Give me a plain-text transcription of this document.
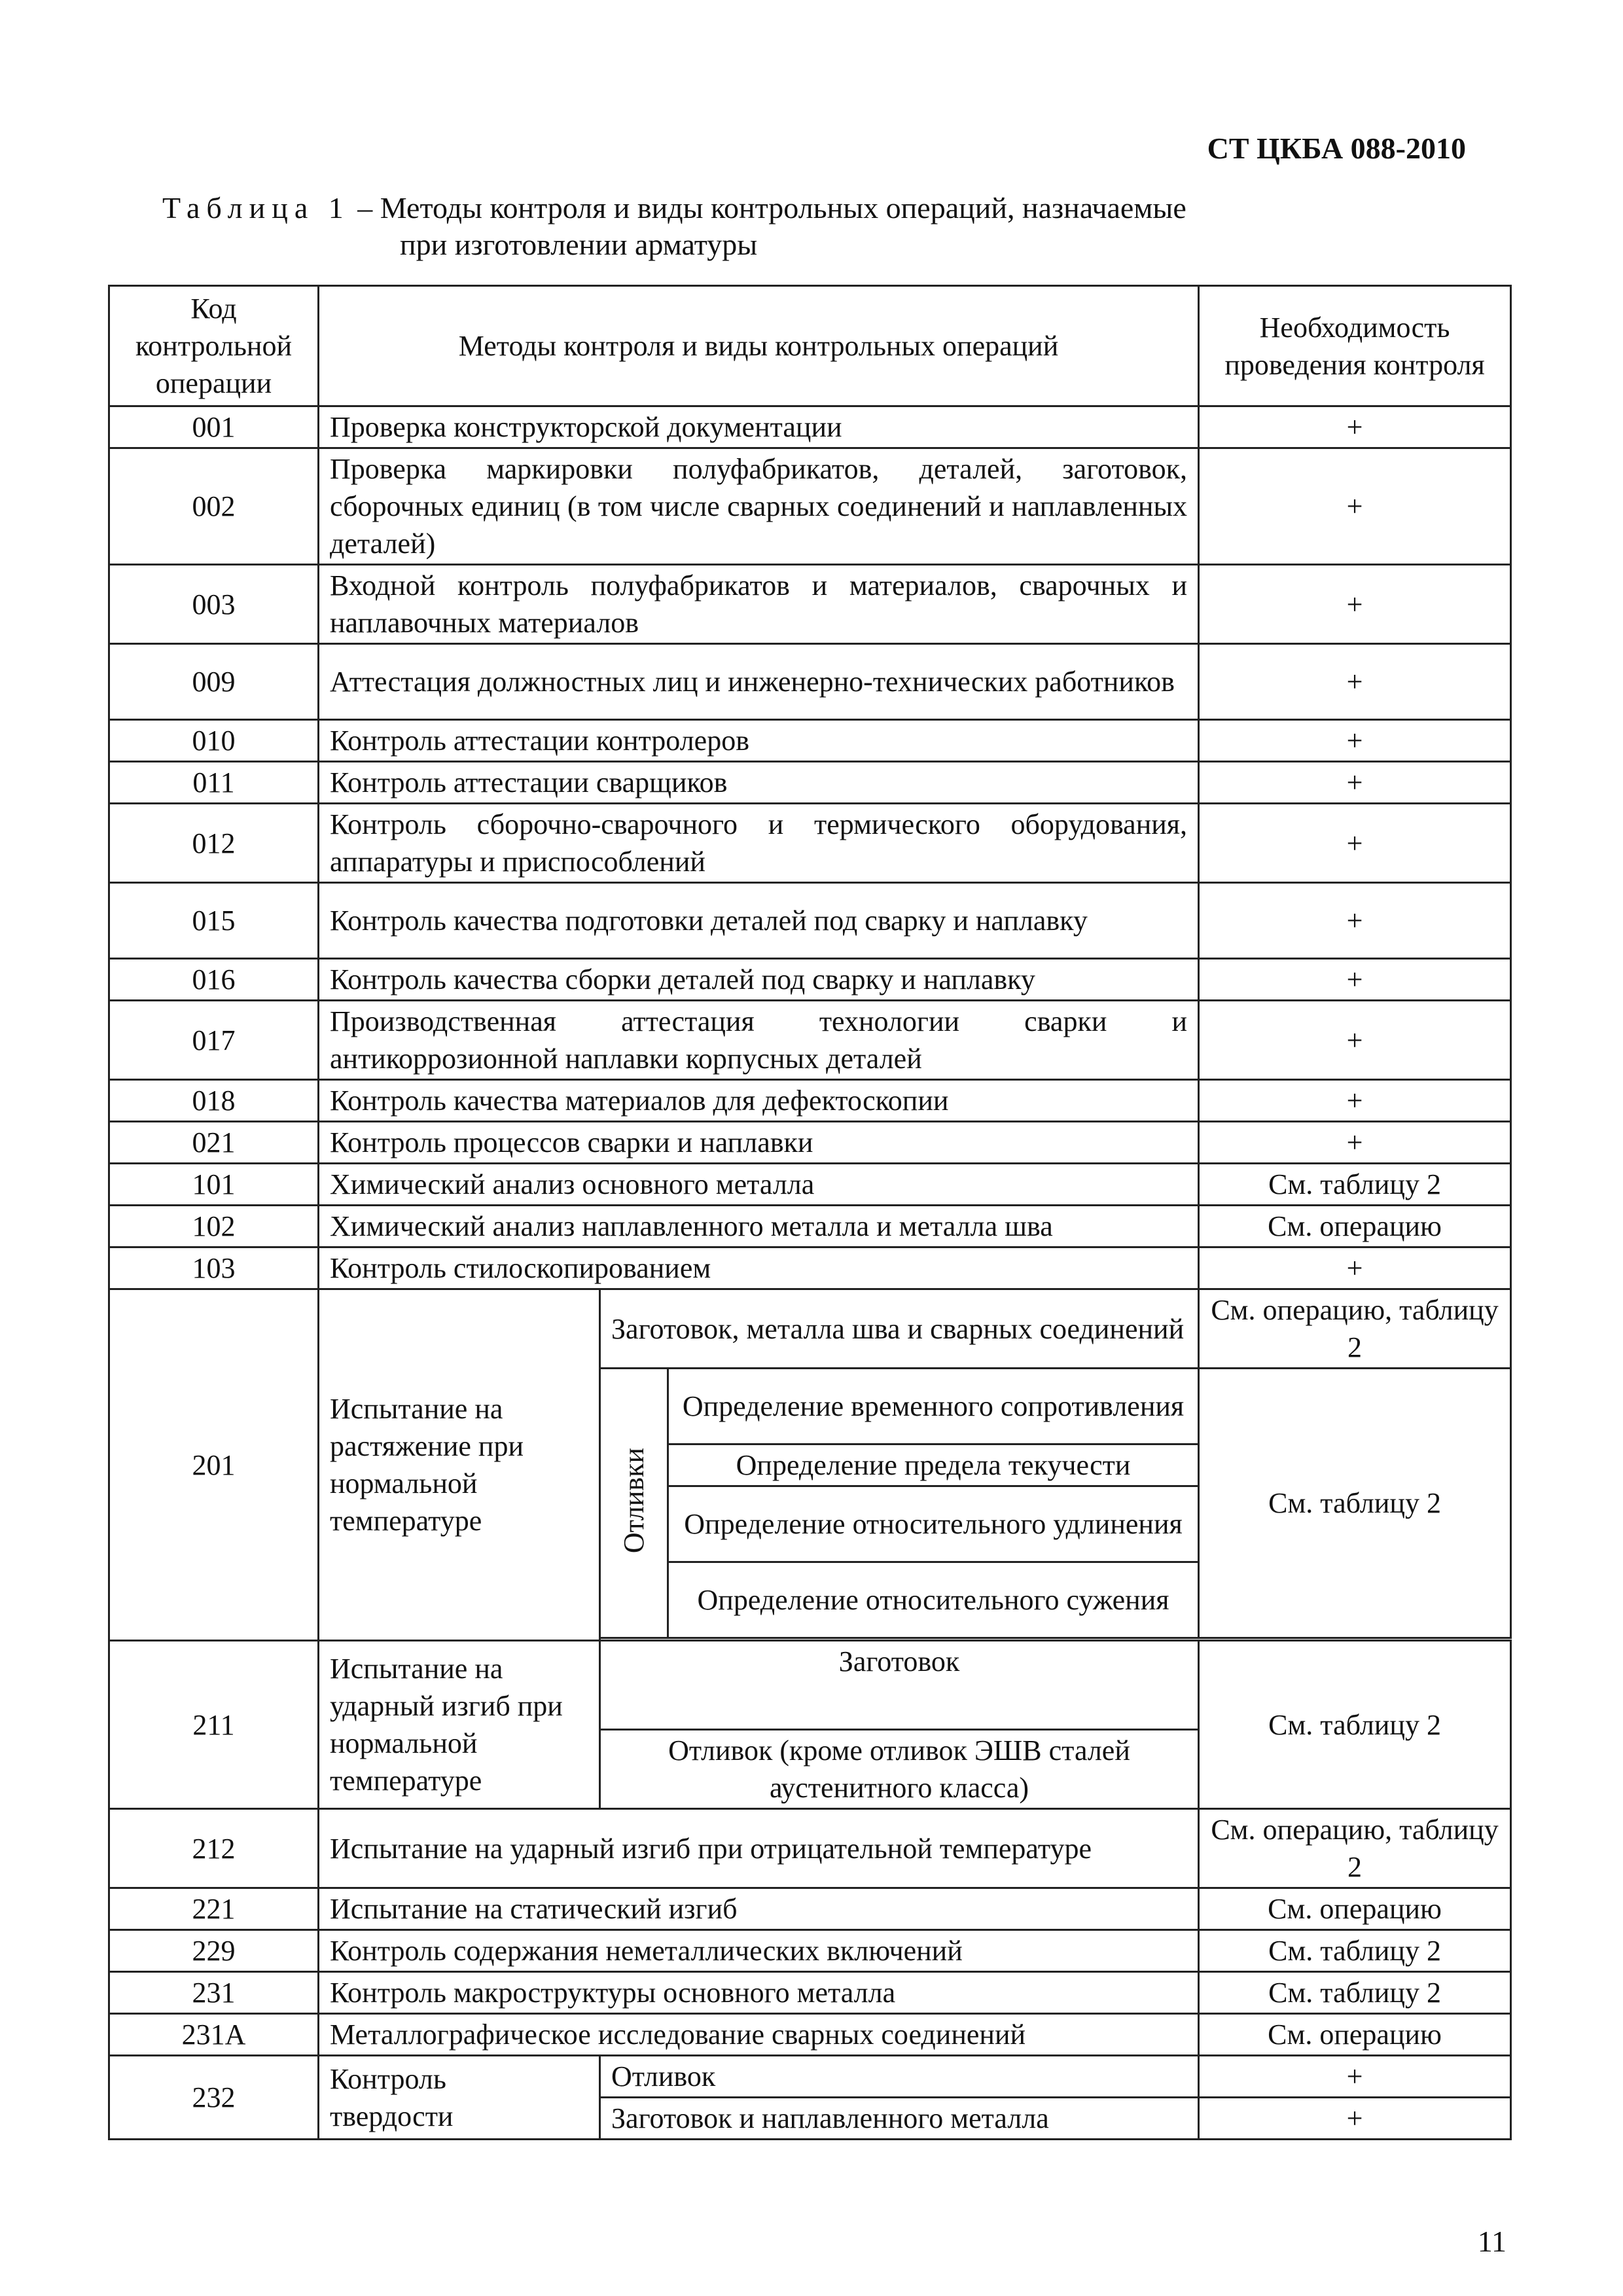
СТ ЦКБА 088-2010
Таблица 1 – Методы контроля и виды контрольных операций, назначаемые
при изготовлении арматуры
Код контрольной операции	Методы контроля и виды контрольных операций			Необходимость проведения контроля
001	Проверка конструкторской документации			+
002	Проверка маркировки полуфабрикатов, деталей, заготовок, сборочных единиц (в том числе сварных соединений и наплавленных деталей)			+
003	Входной контроль полуфабрикатов и материалов, сварочных и наплавочных материалов			+
009	Аттестация должностных лиц и инженерно-технических работников			+
010	Контроль аттестации контролеров			+
011	Контроль аттестации сварщиков			+
012	Контроль сборочно-сварочного и термического оборудования, аппаратуры и приспособлений			+
015	Контроль качества подготовки деталей под сварку и наплавку			+
016	Контроль качества сборки деталей под сварку и наплавку			+
017	Производственная аттестация технологии сварки и антикоррозионной наплавки корпусных деталей			+
018	Контроль качества материалов для дефектоскопии			+
021	Контроль процессов сварки и наплавки			+
101	Химический анализ основного металла			См. таблицу 2
102	Химический анализ наплавленного металла и металла шва			См. операцию
103	Контроль стилоскопированием			+
201	Испытание на растяжение при нормальной температуре	Заготовок, металла шва и сварных соединений		См. операцию, таблицу 2
		Отливки	Определение временного сопротивления	См. таблицу 2
			Определение предела текучести	
			Определение относительного удлинения	
			Определение относительного сужения	

211	Испытание на ударный изгиб при нормальной температуре	Заготовок		См. таблицу 2
		Отливок (кроме отливок ЭШВ сталей аустенитного класса)		
212	Испытание на ударный изгиб при отрицательной температуре			См. операцию, таблицу 2
221	Испытание на статический изгиб			См. операцию
229	Контроль содержания неметаллических включений			См. таблицу 2
231	Контроль макроструктуры основного металла			См. таблицу 2
231А	Металлографическое исследование сварных соединений			См. операцию
232	Контроль твердости	Отливок		+
		Заготовок и наплавленного металла		+
11
